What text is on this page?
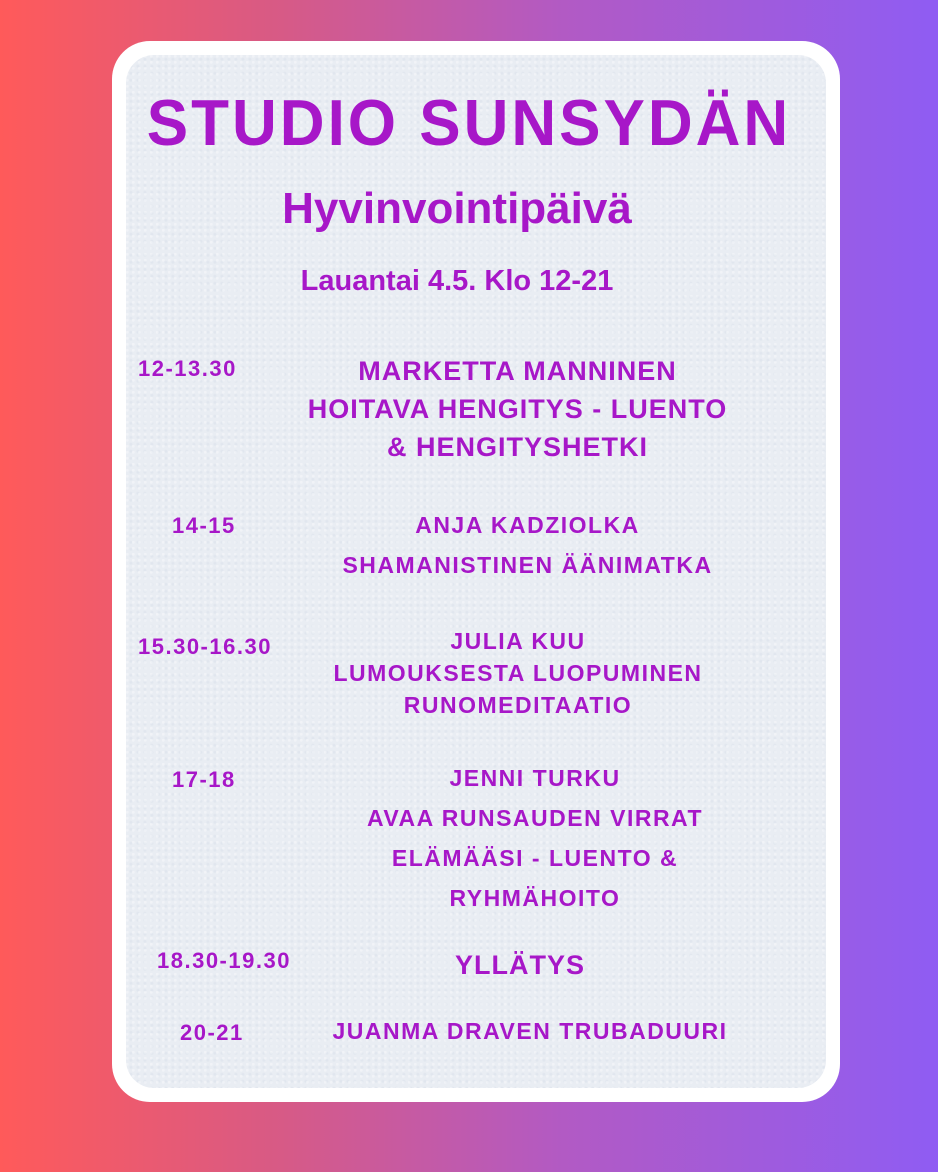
STUDIO SUNSYDÄN
Hyvinvointipäivä
Lauantai 4.5. Klo 12-21
12-13.30	MARKETTA MANNINEN
HOITAVA HENGITYS - LUENTO
& HENGITYSHETKI
14-15	ANJA KADZIOLKA
SHAMANISTINEN ÄÄNIMATKA
15.30-16.30	JULIA KUU
LUMOUKSESTA LUOPUMINEN
RUNOMEDITAATIO
17-18	JENNI TURKU
AVAA RUNSAUDEN VIRRAT
ELÄMÄÄSI - LUENTO &
RYHMÄHOITO
18.30-19.30	YLLÄTYS
20-21	JUANMA DRAVEN TRUBADUURI
